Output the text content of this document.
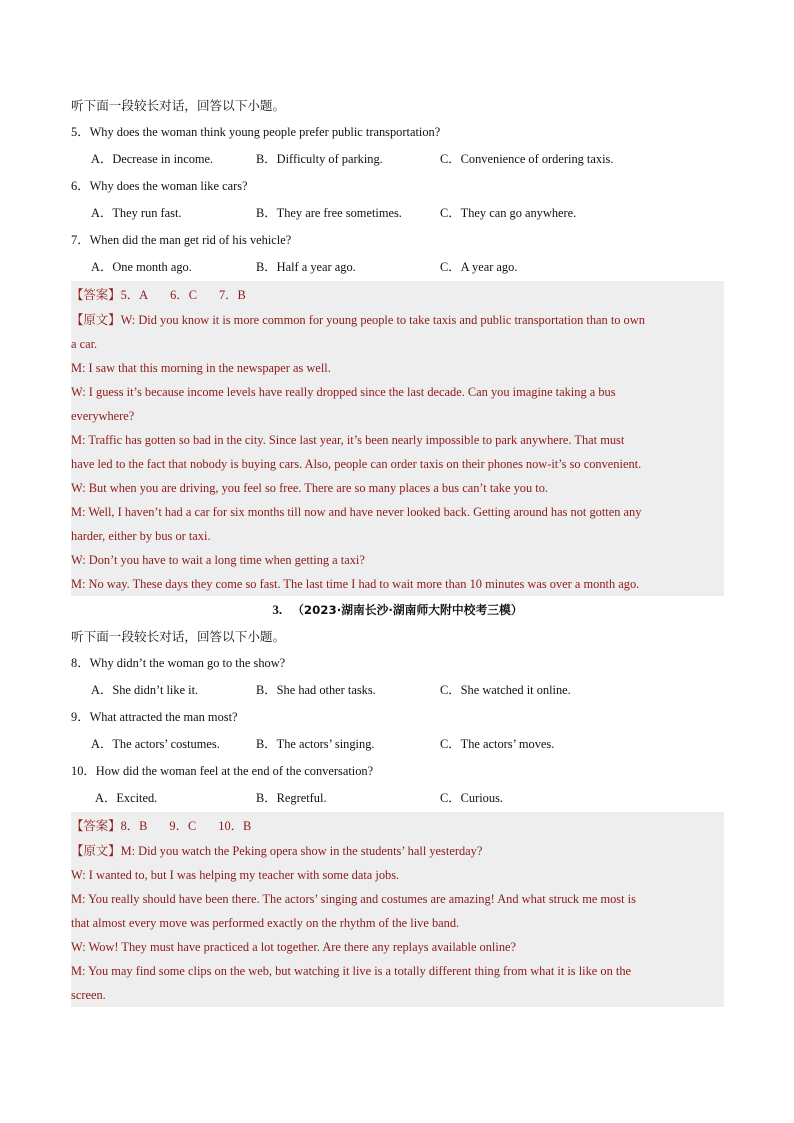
听下面一段较长对话，回答以下小题。
5．Why does the woman think young people prefer public transportation?
A．Decrease in income.	B．Difficulty of parking.	C．Convenience of ordering taxis.
6．Why does the woman like cars?
A．They run fast.	B．They are free sometimes.	C．They can go anywhere.
7．When did the man get rid of his vehicle?
A．One month ago.	B．Half a year ago.	C．A year ago.
【答案】5．A 6．C 7．B
【原文】W: Did you know it is more common for young people to take taxis and public transportation than to own
a car.
M: I saw that this morning in the newspaper as well.
W: I guess it’s because income levels have really dropped since the last decade. Can you imagine taking a bus
everywhere?
M: Traffic has gotten so bad in the city. Since last year, it’s been nearly impossible to park anywhere. That must
have led to the fact that nobody is buying cars. Also, people can order taxis on their phones now-it’s so convenient.
W: But when you are driving, you feel so free. There are so many places a bus can’t take you to.
M: Well, I haven’t had a car for six months till now and have never looked back. Getting around has not gotten any
harder, either by bus or taxi.
W: Don’t you have to wait a long time when getting a taxi?
M: No way. These days they come so fast. The last time I had to wait more than 10 minutes was over a month ago.
3. （2023·湖南长沙·湖南师大附中校考三模）
听下面一段较长对话，回答以下小题。
8．Why didn’t the woman go to the show?
A．She didn’t like it.	B．She had other tasks.	C．She watched it online.
9．What attracted the man most?
A．The actors’ costumes.	B．The actors’ singing.	C．The actors’ moves.
10．How did the woman feel at the end of the conversation?
A．Excited.	B．Regretful.	C．Curious.
【答案】8．B 9．C 10．B
【原文】M: Did you watch the Peking opera show in the students’ hall yesterday?
W: I wanted to, but I was helping my teacher with some data jobs.
M: You really should have been there. The actors’ singing and costumes are amazing! And what struck me most is
that almost every move was performed exactly on the rhythm of the live band.
W: Wow! They must have practiced a lot together. Are there any replays available online?
M: You may find some clips on the web, but watching it live is a totally different thing from what it is like on the
screen.
